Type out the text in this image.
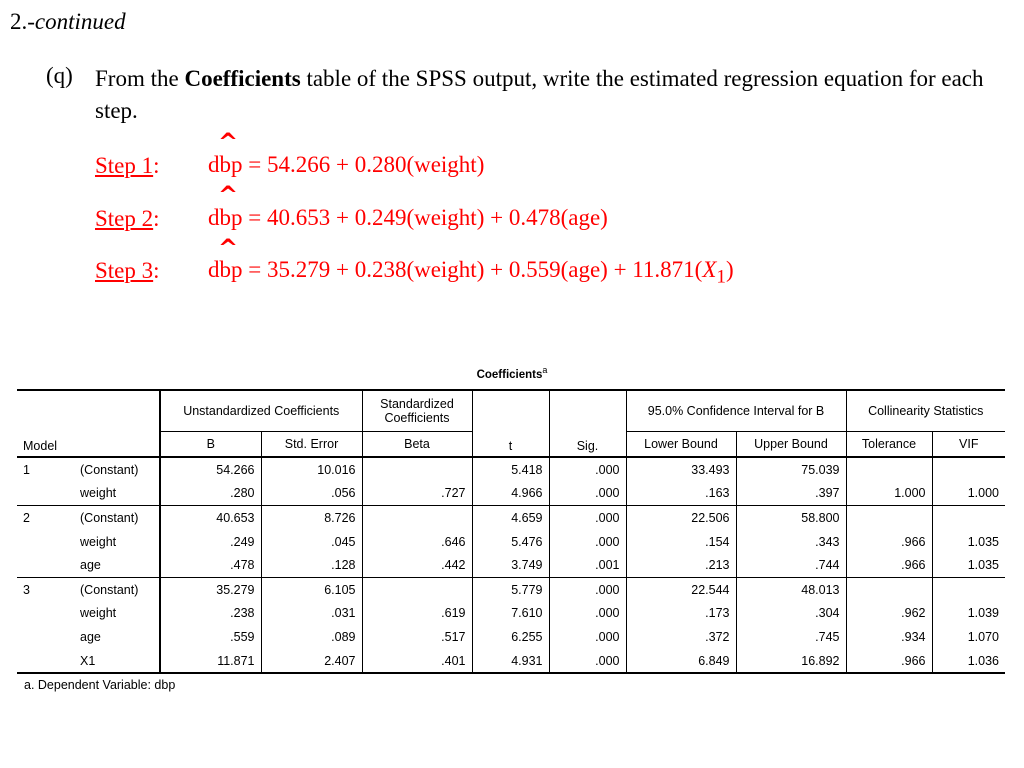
2.-continued
(q) From the Coefficients table of the SPSS output, write the estimated regression equation for each step.
^
Step 1: dbp = 54.266 + 0.280(weight)
^
Step 2: dbp = 40.653 + 0.249(weight) + 0.478(age)
^
Step 3: dbp = 35.279 + 0.238(weight) + $0.559(age) + 11.871(X_1)$
Coefficients$^a$
Model		Unstandardized Coefficients		Standardized Coefficients	t	Sig.	95.0% Confidence Interval for B		Collinearity Statistics	
		B	Std. Error	Beta			Lower Bound	Upper Bound	Tolerance	VIF
1	(Constant)	54.266	10.016		5.418	.000	33.493	75.039		
	weight	.280	.056	.727	4.966	.000	.163	.397	1.000	1.000
2	(Constant)	40.653	8.726		4.659	.000	22.506	58.800		
	weight	.249	.045	.646	5.476	.000	.154	.343	.966	1.035
	age	.478	.128	.442	3.749	.001	.213	.744	.966	1.035
3	(Constant)	35.279	6.105		5.779	.000	22.544	48.013		
	weight	.238	.031	.619	7.610	.000	.173	.304	.962	1.039
	age	.559	.089	.517	6.255	.000	.372	.745	.934	1.070
	X1	11.871	2.407	.401	4.931	.000	6.849	16.892	.966	1.036
a. Dependent Variable: dbp
